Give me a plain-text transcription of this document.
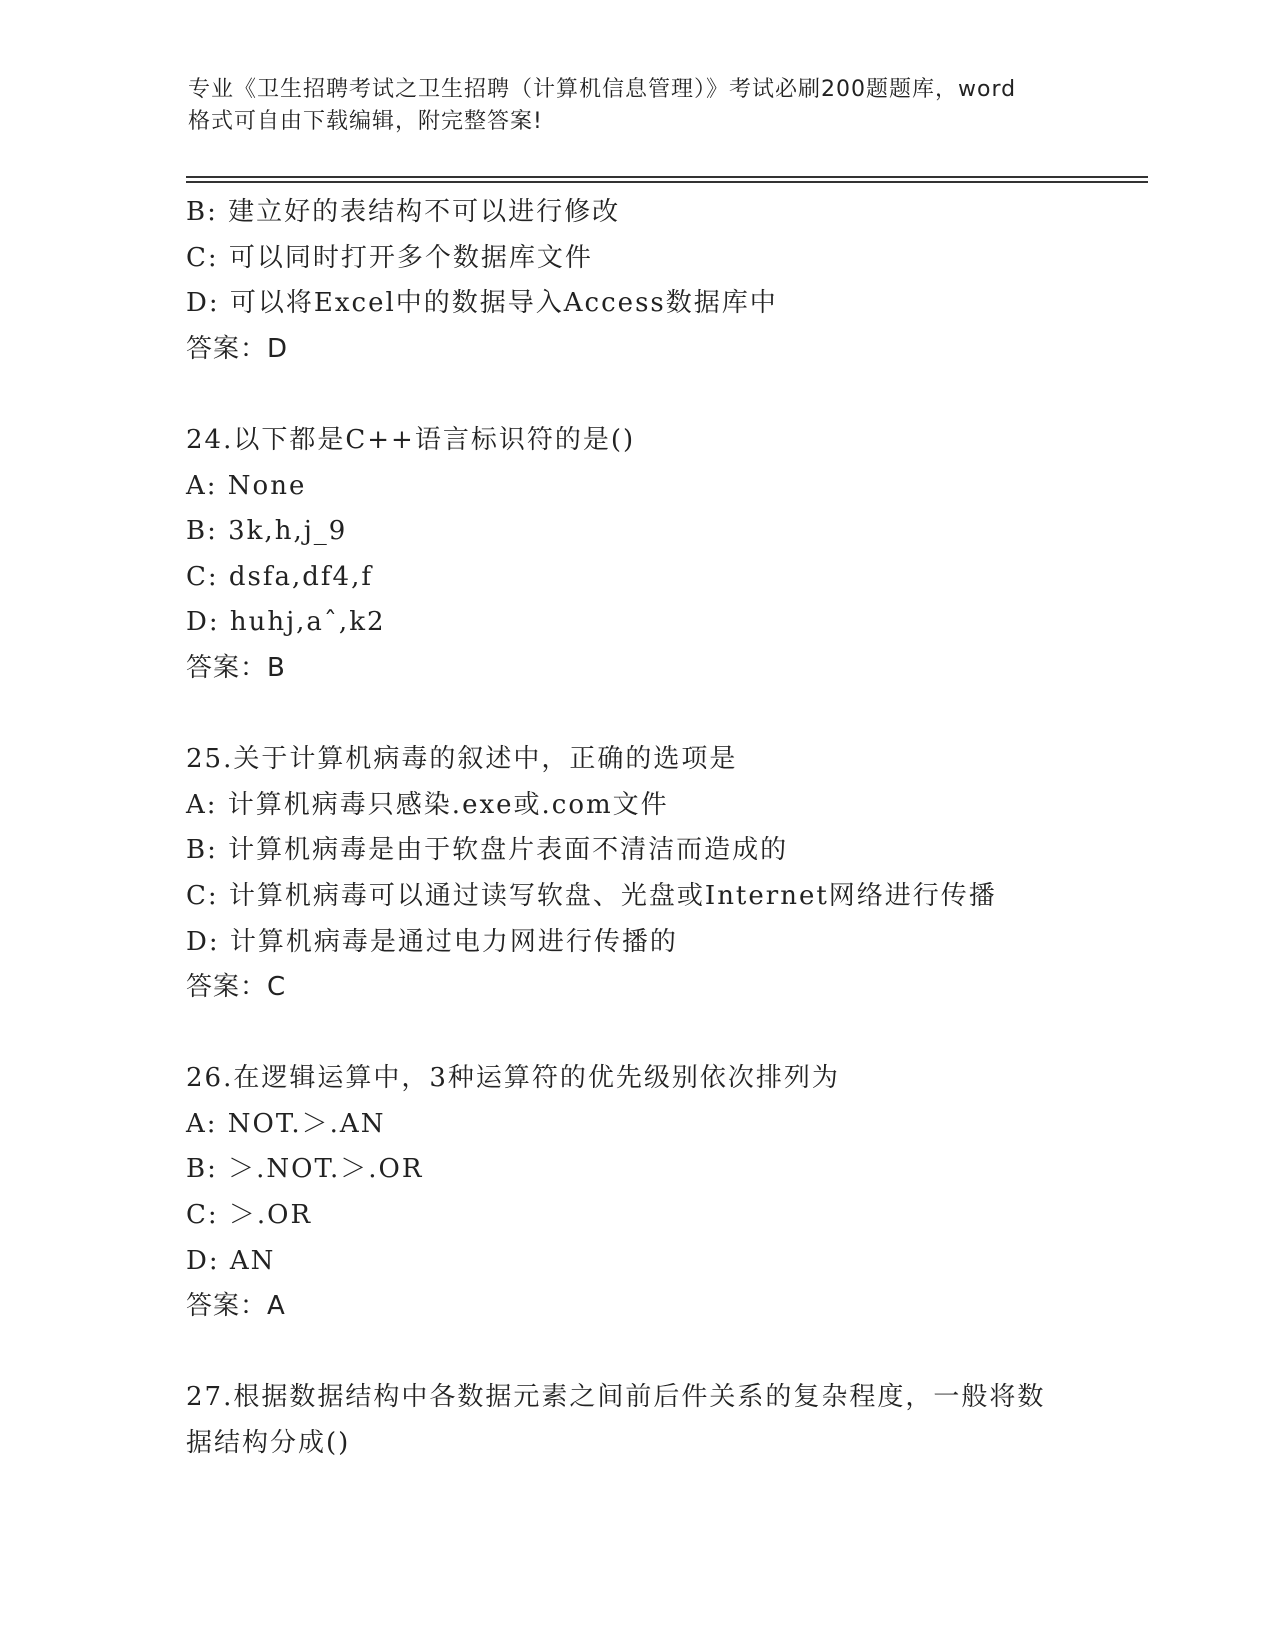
专业《卫生招聘考试之卫生招聘（计算机信息管理）》考试必刷200题题库，word
格式可自由下载编辑，附完整答案!
B: 建立好的表结构不可以进行修改
C: 可以同时打开多个数据库文件
D: 可以将Excel中的数据导入Access数据库中
答案：D
24.以下都是C++语言标识符的是()
A: None
B: 3k,h,j_9
C: dsfa,df4,f
D: huhj,aˆ,k2
答案：B
25.关于计算机病毒的叙述中，正确的选项是
A: 计算机病毒只感染.exe或.com文件
B: 计算机病毒是由于软盘片表面不清洁而造成的
C: 计算机病毒可以通过读写软盘、光盘或Internet网络进行传播
D: 计算机病毒是通过电力网进行传播的
答案：C
26.在逻辑运算中，3种运算符的优先级别依次排列为
A: NOT.＞.AN
B: ＞.NOT.＞.OR
C: ＞.OR
D: AN
答案：A
27.根据数据结构中各数据元素之间前后件关系的复杂程度，一般将数
据结构分成()
